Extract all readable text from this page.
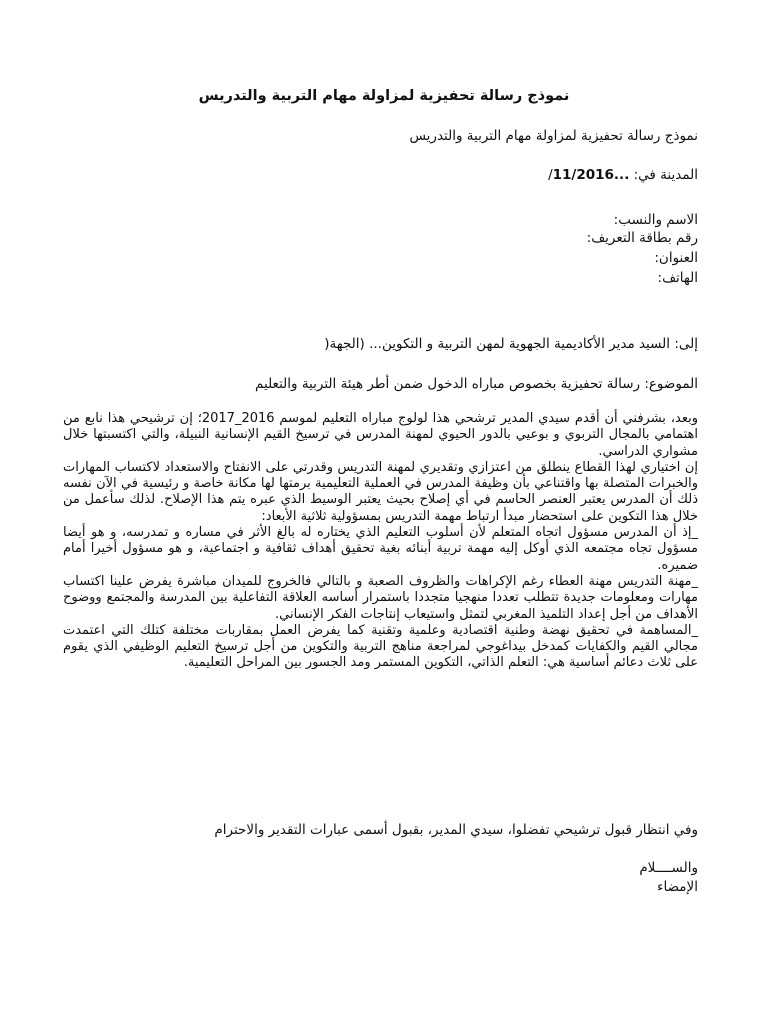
نموذج رسالة تحفيزية لمزاولة مهام التربية والتدريس
نموذج رسالة تحفيزية لمزاولة مهام التربية والتدريس
المدينة في: 11/2016.../
الاسم والنسب:
رقم بطاقة التعريف:
العنوان:
الهاتف:
إلى: السيد مدير الأكاديمية الجهوية لمهن التربية و التكوين... (الجهة(
الموضوع: رسالة تحفيزية بخصوص مباراه الدخول ضمن أطر هيئة التربية والتعليم

وبعد، بشرفني أن أقدم سيدي المدير ترشحي هذا لولوج مباراه التعليم لموسم 2016_2017؛ إن ترشيحي هذا نابع من اهتمامي بالمجال التربوي و بوعيي بالدور الحيوي لمهنة المدرس في ترسيخ القيم الإنسانية النبيلة، والتي اكتسبتها خلال مشواري الدراسي.

إن اختياري لهذا القطاع ينطلق من اعتزازي وتقديري لمهنة التدريس وقدرتي على الانفتاح والاستعداد لاكتساب المهارات والخبرات المتصلة بها واقتناعي بأن وظيفة المدرس في العملية التعليمية برمتها لها مكانة خاصة و رئيسية في الآن نفسه ذلك أن المدرس يعتبر العنصر الحاسم في أي إصلاح بحيث يعتبر الوسيط الذي عبره يتم هذا الإصلاح. لذلك سأعمل من خلال هذا التكوين على استحضار مبدأ ارتباط مهمة التدريس بمسؤولية ثلاثية الأبعاد:

_إذ أن المدرس مسؤول اتجاه المتعلم لأن أسلوب التعليم الذي يختاره له بالغ الأثر في مساره و تمدرسه، و هو أيضا مسؤول تجاه مجتمعه الذي أوكل إليه مهمة تربية أبنائه بغية تحقيق أهداف ثقافية و اجتماعية، و هو مسؤول أخيرا أمام ضميره.

_مهنة التدريس مهنة العطاء رغم الإكراهات والظروف الصعبة و بالتالي فالخروج للميدان مباشرة يفرض علينا اكتساب مهارات ومعلومات جديدة تتطلب تعددا منهجيا متجددا باستمرار أساسه العلاقة التفاعلية بين المدرسة والمجتمع ووضوح الأهداف من أجل إعداد التلميذ المغربي لتمثل واستيعاب إنتاجات الفكر الإنساني.

_المساهمة في تحقيق نهضة وطنية اقتصادية وعلمية وتقنية كما يفرض العمل بمقاربات مختلفة كتلك التي اعتمدت مجالي القيم والكفايات كمدخل بيداغوجي لمراجعة مناهج التربية والتكوين من أجل ترسيخ التعليم الوظيفي الذي يقوم على ثلاث دعائم أساسية هي: التعلم الذاتي، التكوين المستمر ومد الجسور بين المراحل التعليمية.

وفي انتظار قبول ترشيحي تفضلوا، سيدي المدير، بقبول أسمى عبارات التقدير والاحترام
والســــلام
الإمضاء
